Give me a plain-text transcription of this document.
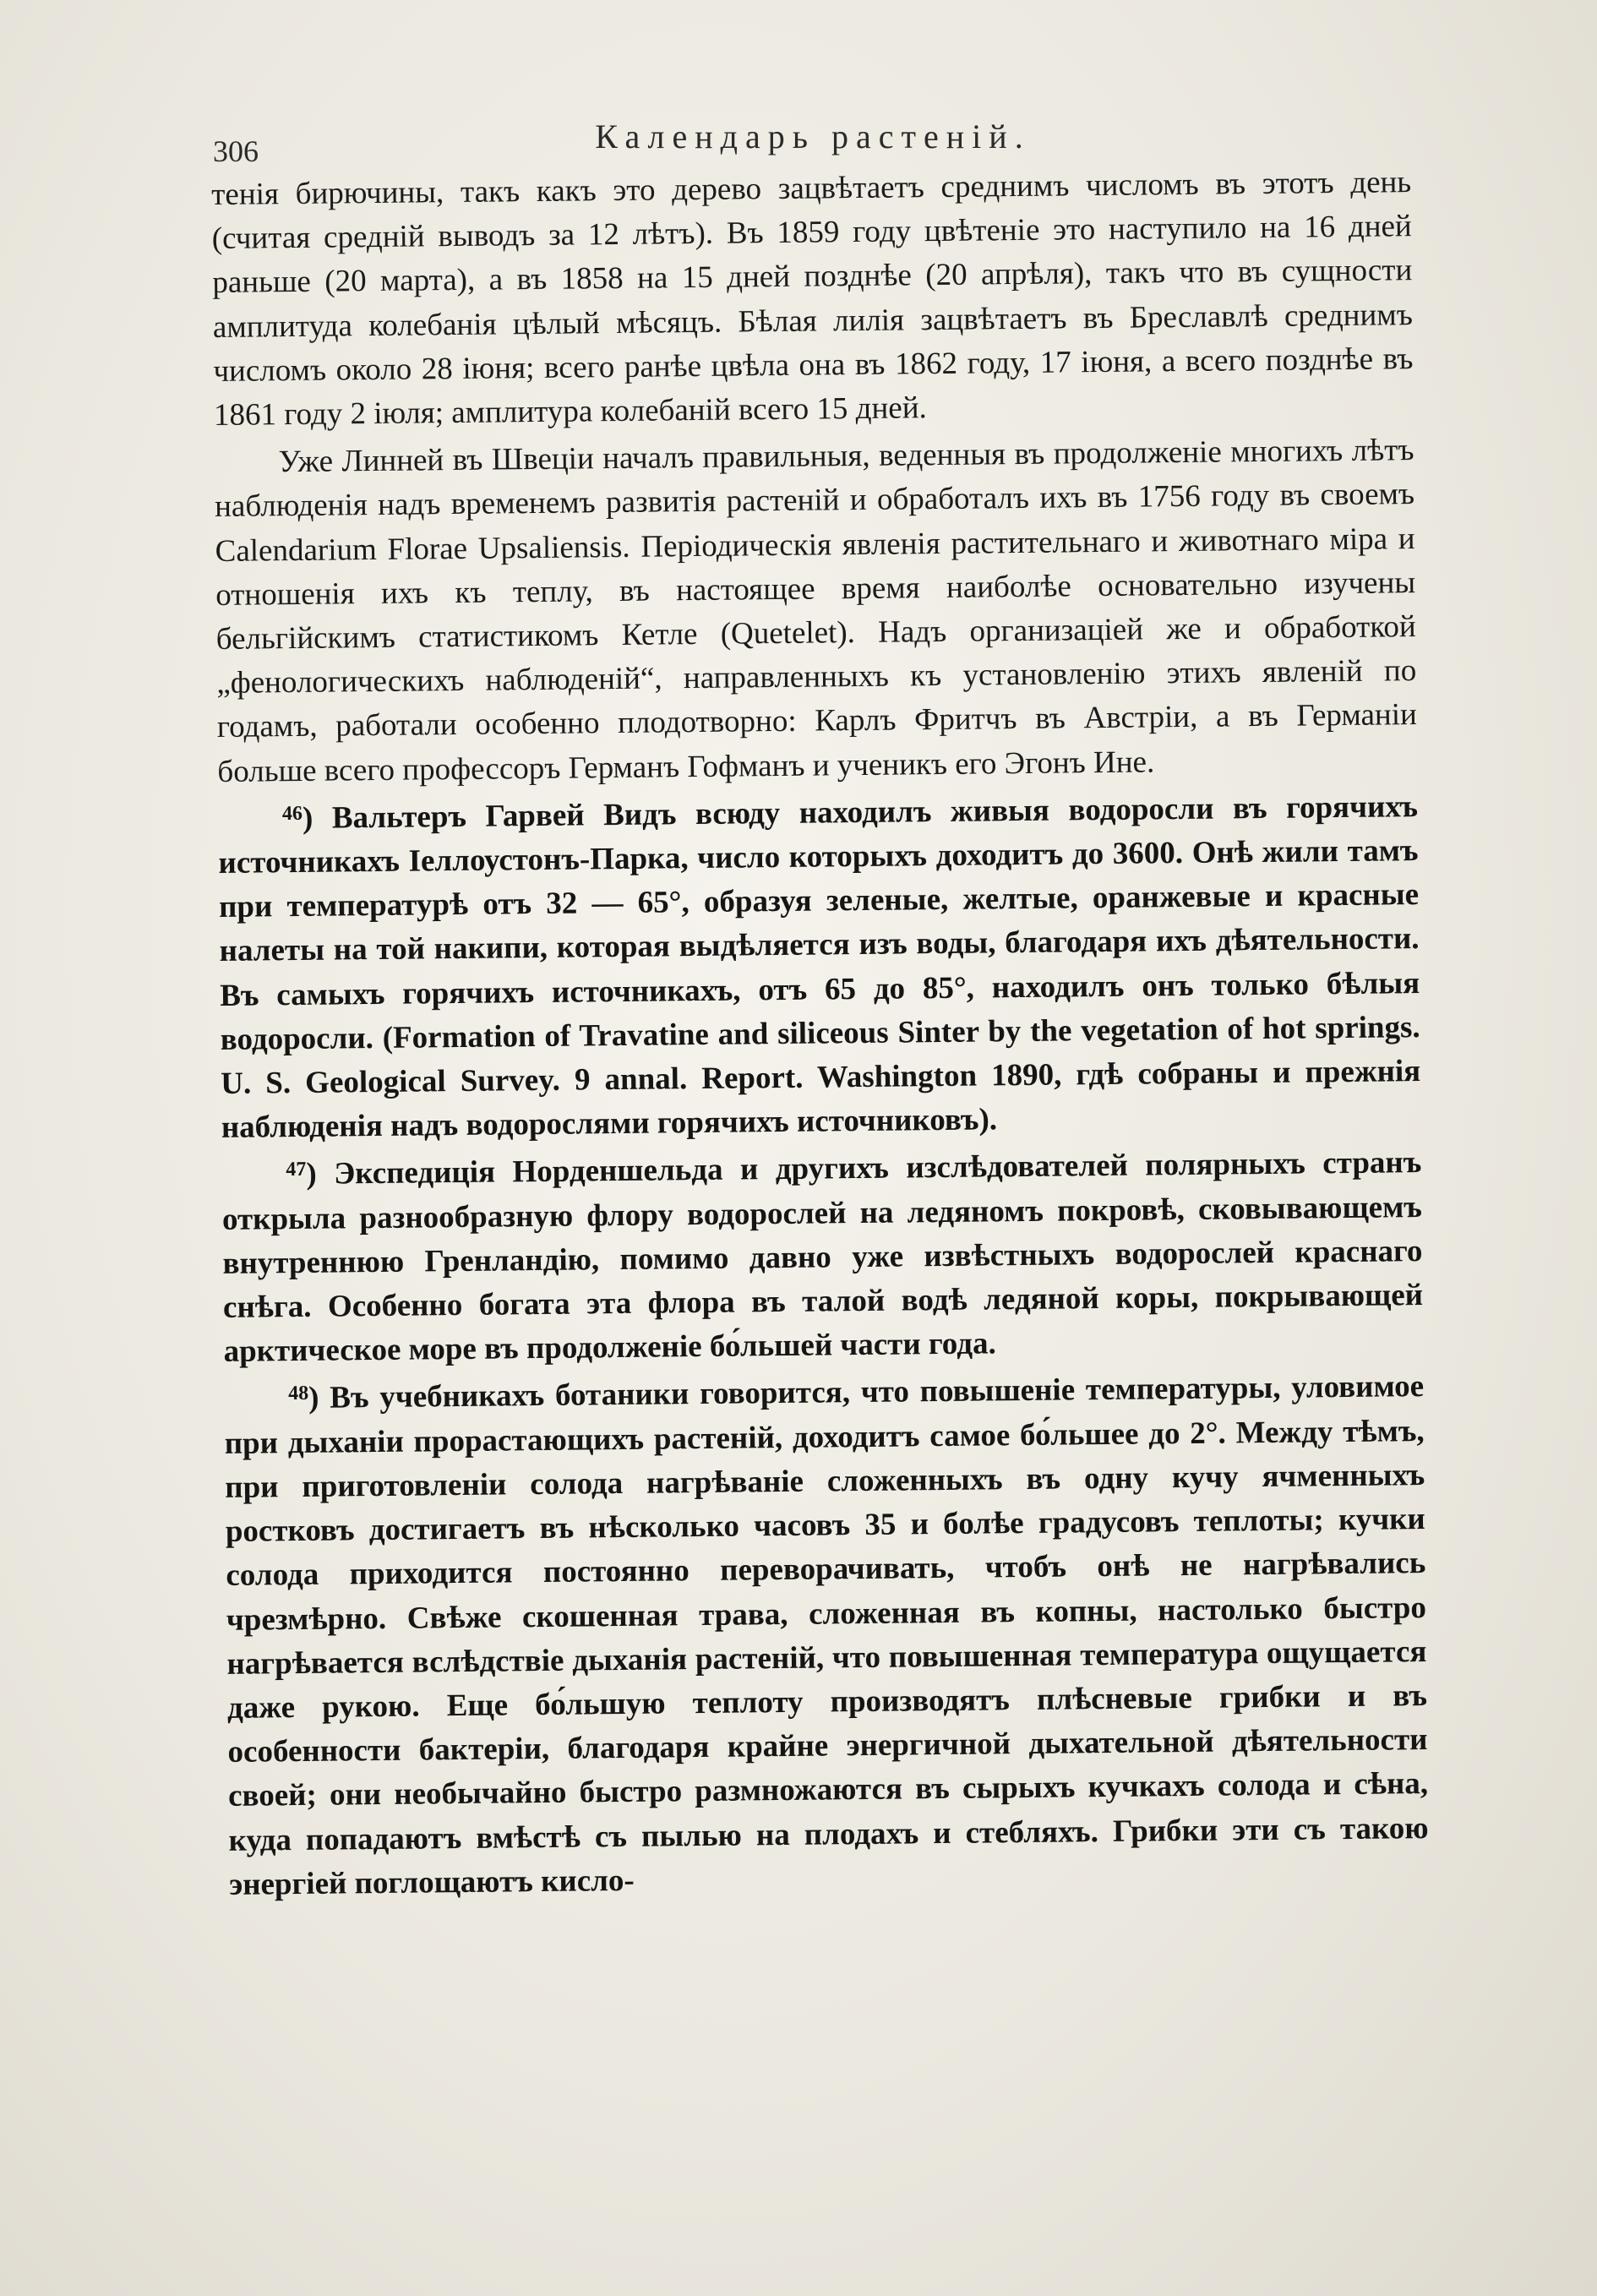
306	Календарь растеній.

тенія бирючины, такъ какъ это дерево зацвѣтаетъ среднимъ числомъ въ этотъ день (считая средній выводъ за 12 лѣтъ). Въ 1859 году цвѣтеніе это наступило на 16 дней раньше (20 марта), а въ 1858 на 15 дней позднѣе (20 апрѣля), такъ что въ сущности амплитуда колебанія цѣлый мѣсяцъ. Бѣлая лилія зацвѣтаетъ въ Бреславлѣ среднимъ числомъ около 28 іюня; всего ранѣе цвѣла она въ 1862 году, 17 іюня, а всего позднѣе въ 1861 году 2 іюля; амплитура колебаній всего 15 дней.

Уже Линней въ Швеціи началъ правильныя, веденныя въ продолженіе многихъ лѣтъ наблюденія надъ временемъ развитія растеній и обработалъ ихъ въ 1756 году въ своемъ Calendarium Florae Upsaliensis. Періодическія явленія растительнаго и животнаго міра и отношенія ихъ къ теплу, въ настоящее время наиболѣе основательно изучены бельгійскимъ статистикомъ Кетле (Quetelet). Надъ организаціей же и обработкой „фенологическихъ наблюденій“, направленныхъ къ установленію этихъ явленій по годамъ, работали особенно плодотворно: Карлъ Фритчъ въ Австріи, а въ Германіи больше всего профессоръ Германъ Гофманъ и ученикъ его Эгонъ Ине.

$^{46}$) Вальтеръ Гарвей Видъ всюду находилъ живыя водоросли въ горячихъ источникахъ Іеллоустонъ-Парка, число которыхъ доходитъ до 3600. Онѣ жили тамъ при температурѣ отъ 32 — 65°, образуя зеленые, желтые, оранжевые и красные налеты на той накипи, которая выдѣляется изъ воды, благодаря ихъ дѣятельности. Въ самыхъ горячихъ источникахъ, отъ 65 до 85°, находилъ онъ только бѣлыя водоросли. (Formation of Travatine and siliceous Sinter by the vegetation of hot springs. U. S. Geological Survey. 9 annal. Report. Washington 1890, гдѣ собраны и прежнія наблюденія надъ водорослями горячихъ источниковъ).

$^{47}$) Экспедиція Норденшельда и другихъ изслѣдователей полярныхъ странъ открыла разнообразную флору водорослей на ледяномъ покровѣ, сковывающемъ внутреннюю Гренландію, помимо давно уже извѣстныхъ водорослей краснаго снѣга. Особенно богата эта флора въ талой водѣ ледяной коры, покрывающей арктическое море въ продолженіе бо́льшей части года.

$^{48}$) Въ учебникахъ ботаники говорится, что повышеніе температуры, уловимое при дыханіи прорастающихъ растеній, доходитъ самое бо́льшее до 2°. Между тѣмъ, при приготовленіи солода нагрѣваніе сложенныхъ въ одну кучу ячменныхъ ростковъ достигаетъ въ нѣсколько часовъ 35 и болѣе градусовъ теплоты; кучки солода приходится постоянно переворачивать, чтобъ онѣ не нагрѣвались чрезмѣрно. Свѣже скошенная трава, сложенная въ копны, настолько быстро нагрѣвается вслѣдствіе дыханія растеній, что повышенная температура ощущается даже рукою. Еще бо́льшую теплоту производятъ плѣсневые грибки и въ особенности бактеріи, благодаря крайне энергичной дыхательной дѣятельности своей; они необычайно быстро размножаются въ сырыхъ кучкахъ солода и сѣна, куда попадаютъ вмѣстѣ съ пылью на плодахъ и стебляхъ. Грибки эти съ такою энергіей поглощаютъ кисло-
